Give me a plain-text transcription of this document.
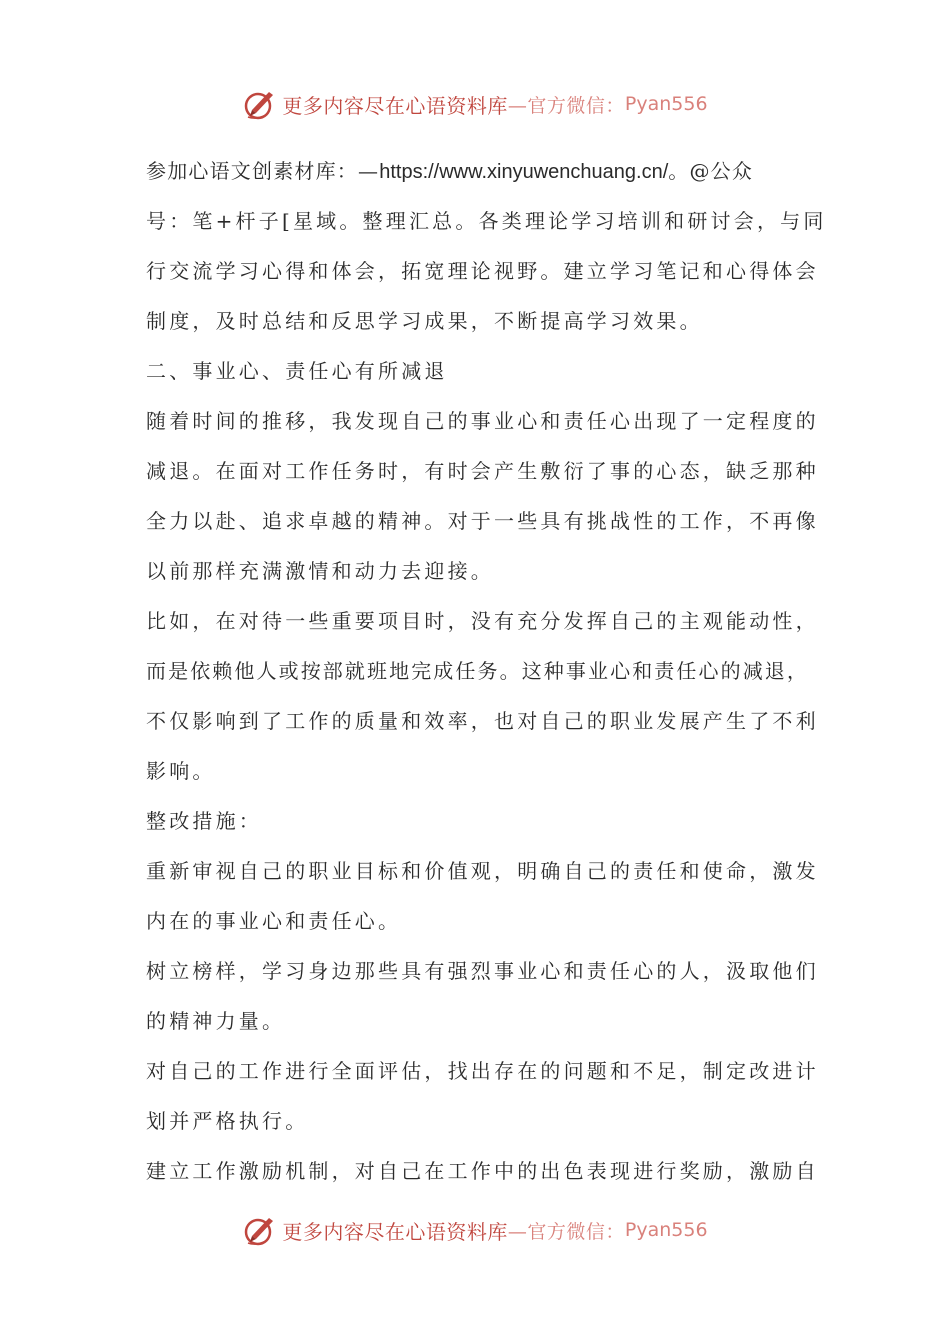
更多内容尽在心语资料库 —官方微信： Pyan556
参加心语文创素材库：—https://www.xinyuwenchuang.cn/。@公众
号：笔+杆子[星域。整理汇总。各类理论学习培训和研讨会，与同
行交流学习心得和体会，拓宽理论视野。建立学习笔记和心得体会
制度，及时总结和反思学习成果，不断提高学习效果。
二、事业心、责任心有所减退
随着时间的推移，我发现自己的事业心和责任心出现了一定程度的
减退。在面对工作任务时，有时会产生敷衍了事的心态，缺乏那种
全力以赴、追求卓越的精神。对于一些具有挑战性的工作，不再像
以前那样充满激情和动力去迎接。
比如，在对待一些重要项目时，没有充分发挥自己的主观能动性，
而是依赖他人或按部就班地完成任务。这种事业心和责任心的减退，
不仅影响到了工作的质量和效率，也对自己的职业发展产生了不利
影响。
整改措施：
重新审视自己的职业目标和价值观，明确自己的责任和使命，激发
内在的事业心和责任心。
树立榜样，学习身边那些具有强烈事业心和责任心的人，汲取他们
的精神力量。
对自己的工作进行全面评估，找出存在的问题和不足，制定改进计
划并严格执行。
建立工作激励机制，对自己在工作中的出色表现进行奖励，激励自
更多内容尽在心语资料库 —官方微信： Pyan556
